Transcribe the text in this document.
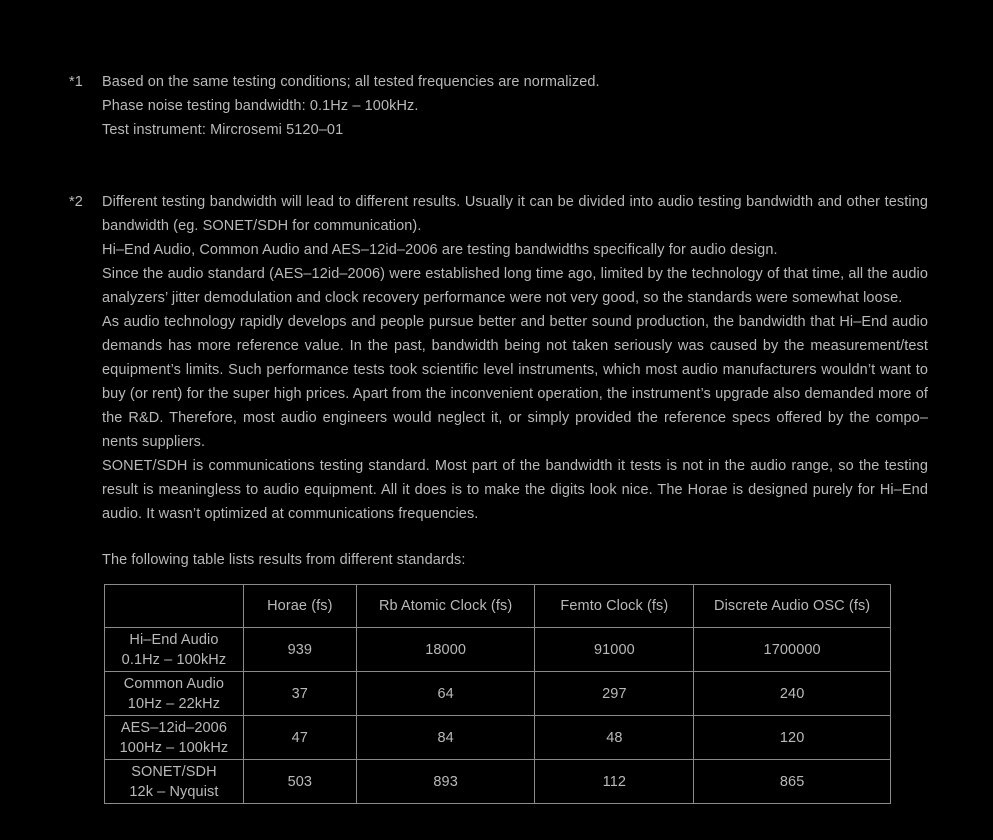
*1 Based on the same testing conditions; all tested frequencies are normalized.

Phase noise testing bandwidth: 0.1Hz – 100kHz.

Test instrument: Mircrosemi 5120–01

*2 Different testing bandwidth will lead to different results. Usually it can be divided into audio testing bandwidth and other testing bandwidth (eg. SONET/SDH for communication).

Hi–End Audio, Common Audio and AES–12id–2006 are testing bandwidths specifically for audio design.

Since the audio standard (AES–12id–2006) were established long time ago, limited by the technology of that time, all the audio analyzers’ jitter demodulation and clock recovery performance were not very good, so the standards were somewhat loose.

As audio technology rapidly develops and people pursue better and better sound production, the bandwidth that Hi–End audio demands has more reference value. In the past, bandwidth being not taken seriously was caused by the measurement/test equipment’s limits. Such performance tests took scientific level instruments, which most audio manufacturers wouldn’t want to buy (or rent) for the super high prices. Apart from the inconvenient operation, the instrument’s upgrade also demanded more of the R&D. Therefore, most audio engineers would neglect it, or simply provided the reference specs offered by the compo–nents suppliers.

SONET/SDH is communications testing standard. Most part of the bandwidth it tests is not in the audio range, so the testing result is meaningless to audio equipment. All it does is to make the digits look nice. The Horae is designed purely for Hi–End audio. It wasn’t optimized at communications frequencies.

The following table lists results from different standards:

	Horae (fs)	Rb Atomic Clock (fs)	Femto Clock (fs)	Discrete Audio OSC (fs)

Hi–End Audio
0.1Hz – 100kHz	939	18000	91000	1700000

Common Audio
10Hz – 22kHz	37	64	297	240

AES–12id–2006
100Hz – 100kHz	47	84	48	120

SONET/SDH
12k – Nyquist	503	893	112	865
